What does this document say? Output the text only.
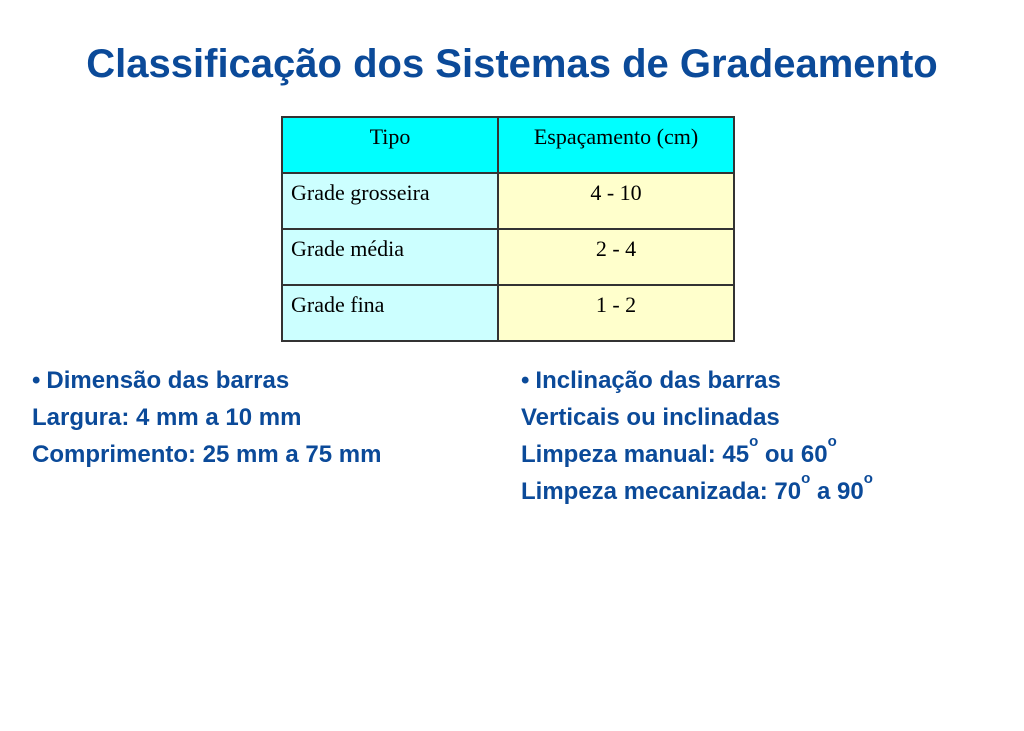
Classificação dos Sistemas de Gradeamento
Tipo	Espaçamento (cm)
Grade grosseira	4 - 10
Grade média	2 - 4
Grade fina	1 - 2
• Dimensão das barras
Largura: 4 mm a 10 mm
Comprimento: 25 mm a 75 mm
• Inclinação das barras
Verticais ou inclinadas
Limpeza manual: 45$^o$ ou 60$^o$
Limpeza mecanizada: 70$^o$ a 90$^o$
